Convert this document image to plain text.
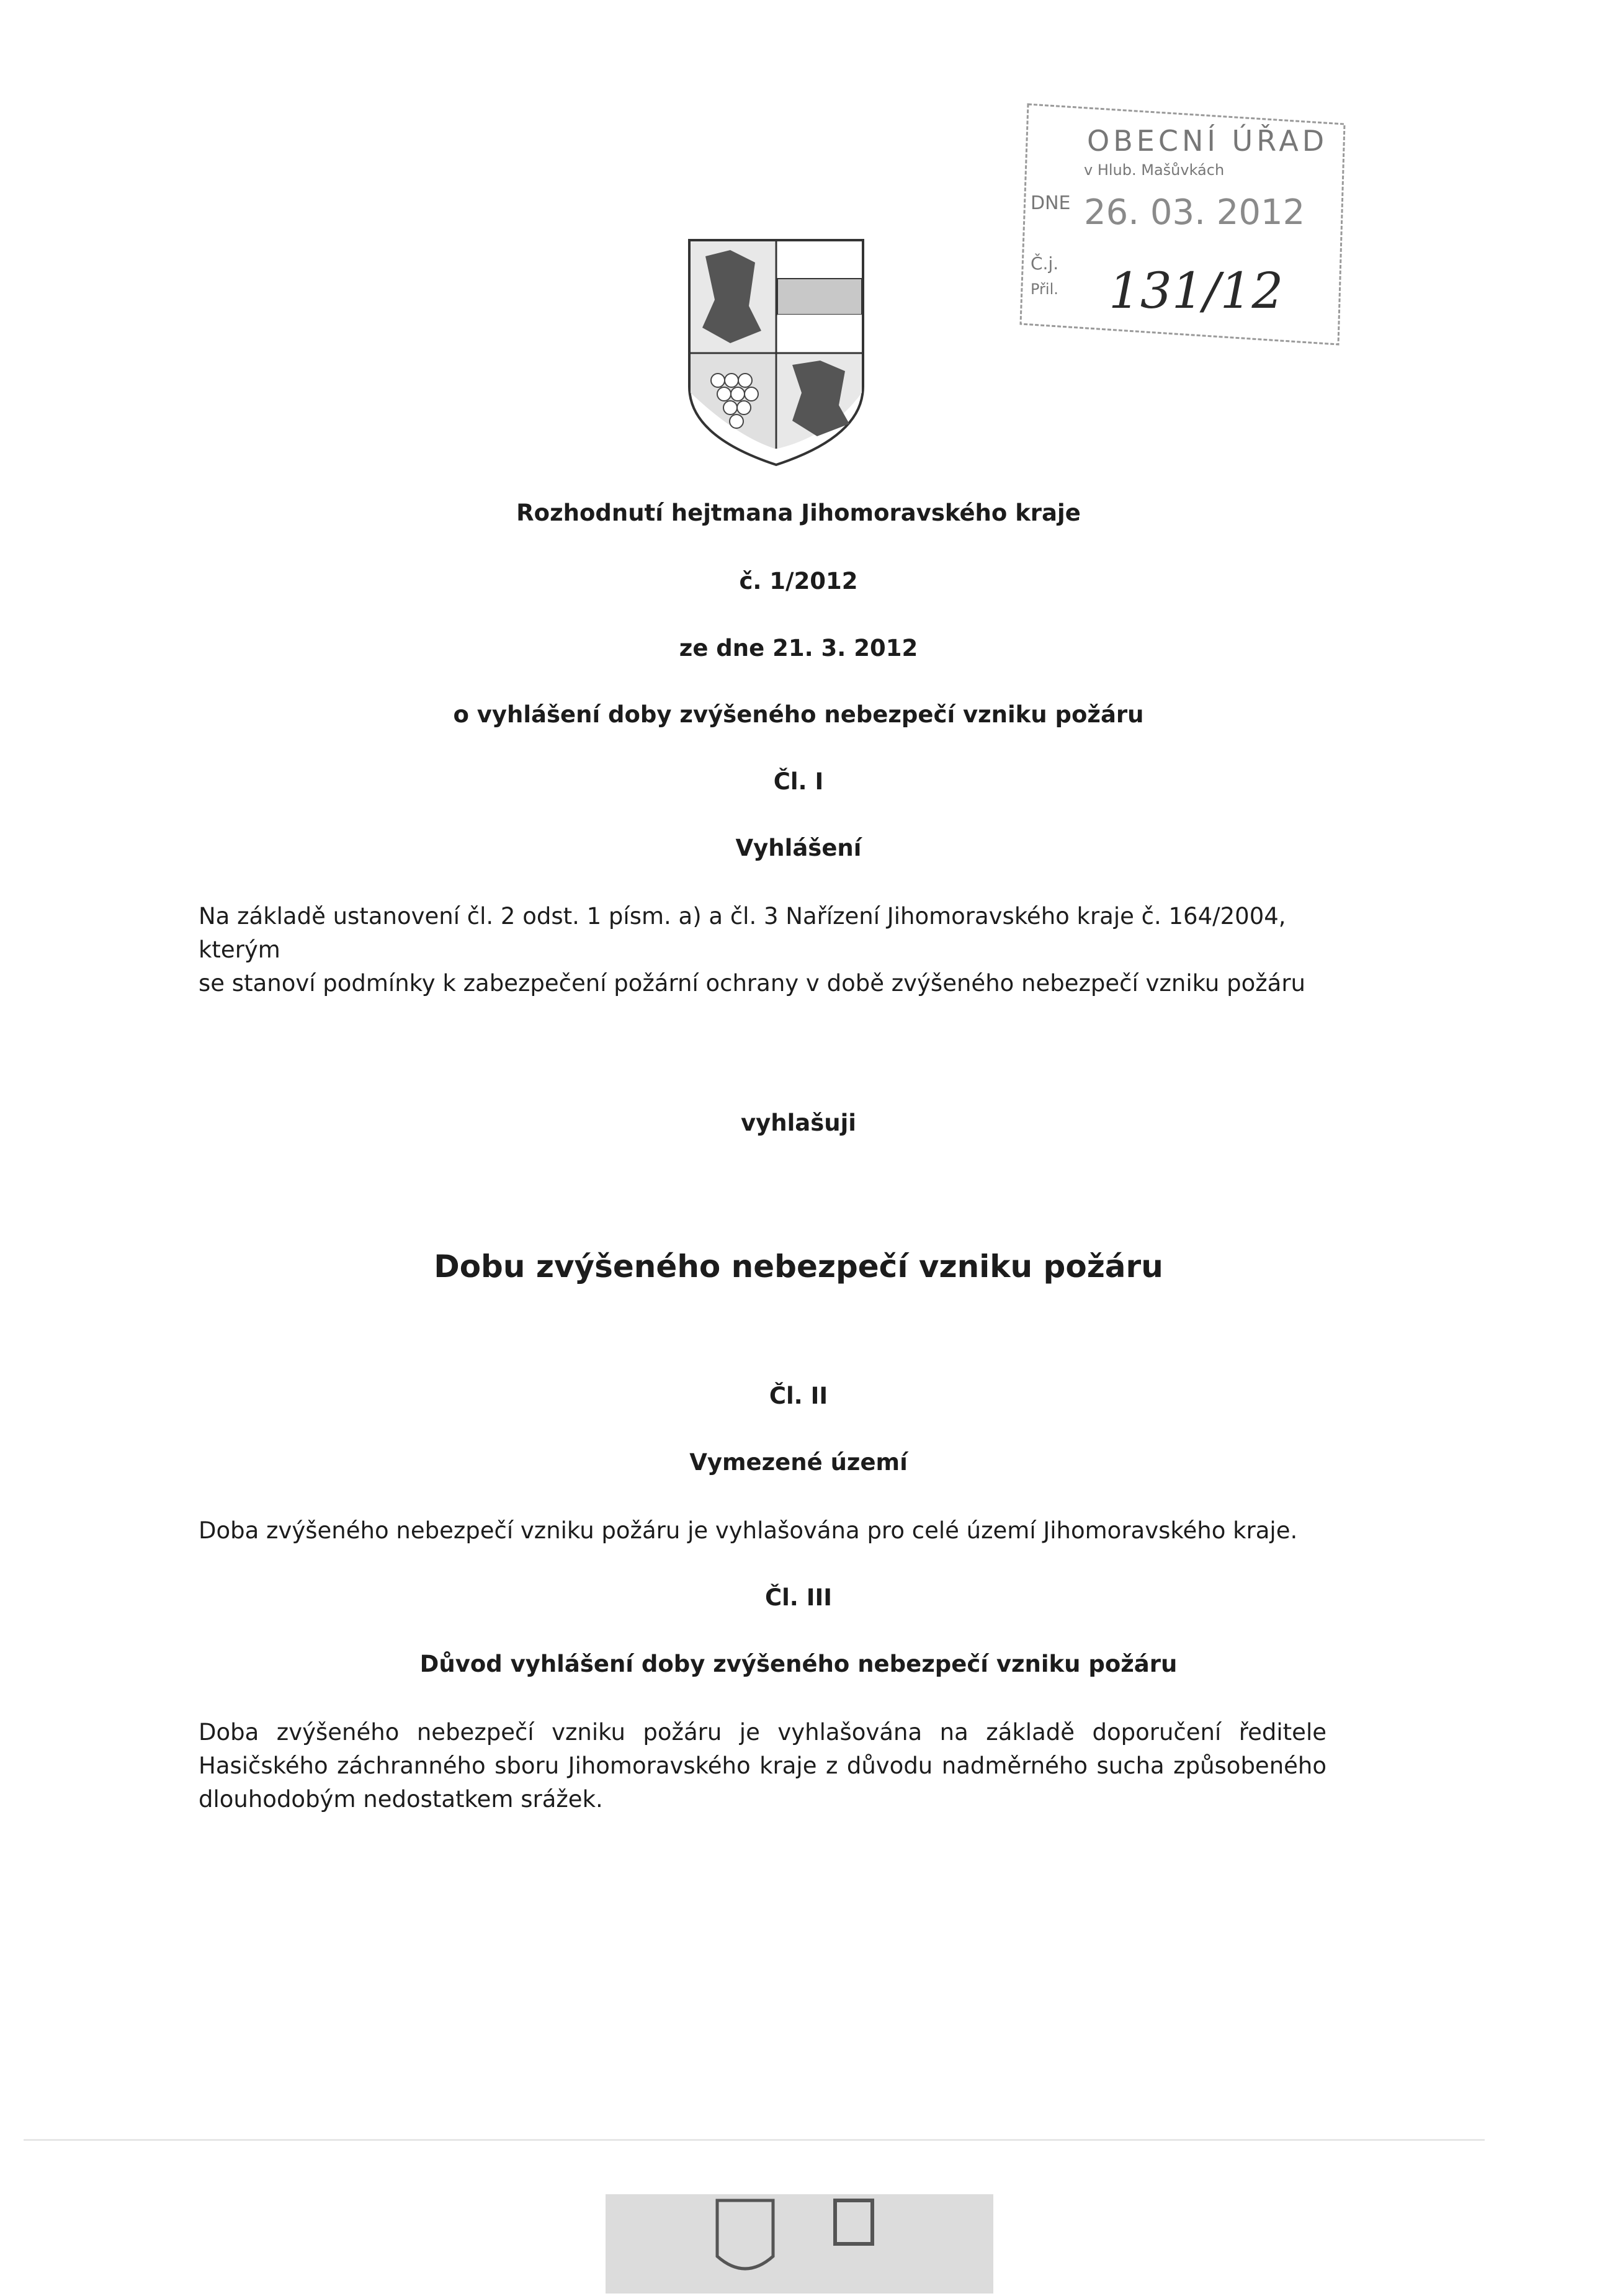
OBECNÍ ÚŘAD
v Hlub. Mašůvkách
DNE 26. 03. 2012
Č.j.
Přil. 131/12
Rozhodnutí hejtmana Jihomoravského kraje
č. 1/2012
ze dne 21. 3. 2012
o vyhlášení doby zvýšeného nebezpečí vzniku požáru
Čl. I
Vyhlášení
Na základě ustanovení čl. 2 odst. 1 písm. a) a čl. 3 Nařízení Jihomoravského kraje č. 164/2004, kterým
se stanoví podmínky k zabezpečení požární ochrany v době zvýšeného nebezpečí vzniku požáru
vyhlašuji
Dobu zvýšeného nebezpečí vzniku požáru
Čl. II
Vymezené území
Doba zvýšeného nebezpečí vzniku požáru je vyhlašována pro celé území Jihomoravského kraje.
Čl. III
Důvod vyhlášení doby zvýšeného nebezpečí vzniku požáru
Doba zvýšeného nebezpečí vzniku požáru je vyhlašována na základě doporučení ředitele Hasičského záchranného sboru Jihomoravského kraje z důvodu nadměrného sucha způsobeného dlouhodobým nedostatkem srážek.
